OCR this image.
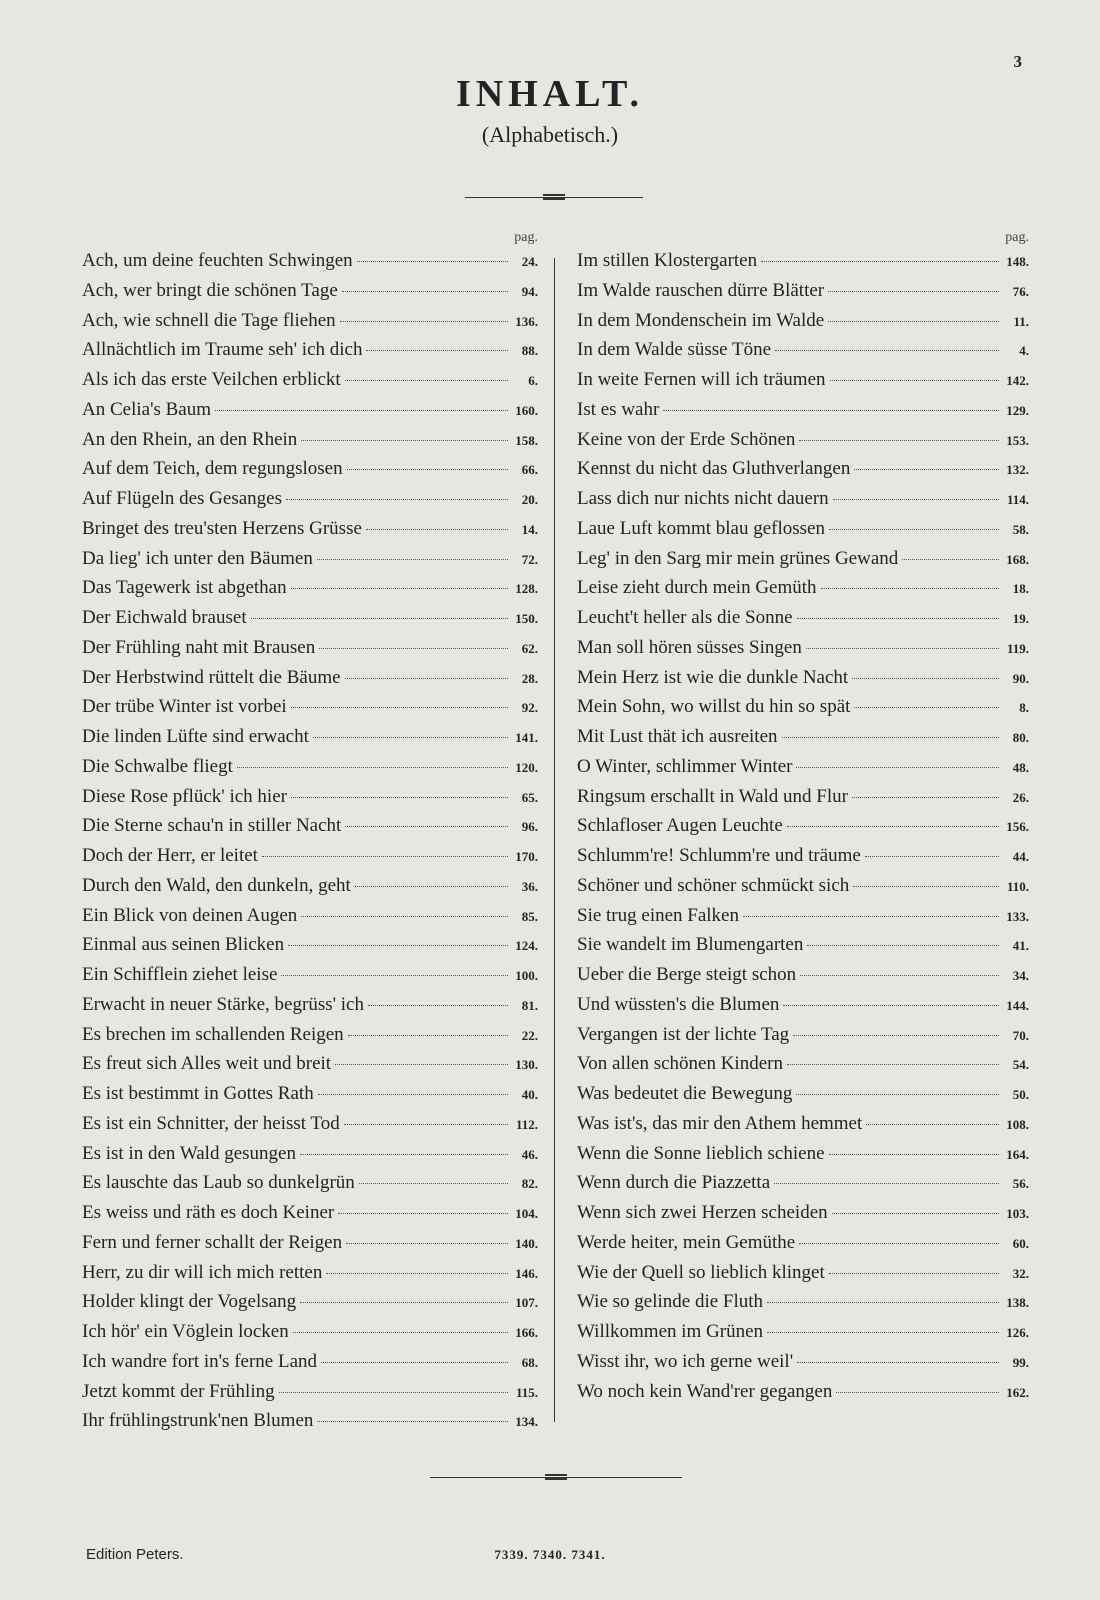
3
INHALT.
(Alphabetisch.)
pag.
Ach, um deine feuchten Schwingen	24.
Ach, wer bringt die schönen Tage	94.
Ach, wie schnell die Tage fliehen	136.
Allnächtlich im Traume seh' ich dich	88.
Als ich das erste Veilchen erblickt	6.
An Celia's Baum	160.
An den Rhein, an den Rhein	158.
Auf dem Teich, dem regungslosen	66.
Auf Flügeln des Gesanges	20.
Bringet des treu'sten Herzens Grüsse	14.
Da lieg' ich unter den Bäumen	72.
Das Tagewerk ist abgethan	128.
Der Eichwald brauset	150.
Der Frühling naht mit Brausen	62.
Der Herbstwind rüttelt die Bäume	28.
Der trübe Winter ist vorbei	92.
Die linden Lüfte sind erwacht	141.
Die Schwalbe fliegt	120.
Diese Rose pflück' ich hier	65.
Die Sterne schau'n in stiller Nacht	96.
Doch der Herr, er leitet	170.
Durch den Wald, den dunkeln, geht	36.
Ein Blick von deinen Augen	85.
Einmal aus seinen Blicken	124.
Ein Schifflein ziehet leise	100.
Erwacht in neuer Stärke, begrüss' ich	81.
Es brechen im schallenden Reigen	22.
Es freut sich Alles weit und breit	130.
Es ist bestimmt in Gottes Rath	40.
Es ist ein Schnitter, der heisst Tod	112.
Es ist in den Wald gesungen	46.
Es lauschte das Laub so dunkelgrün	82.
Es weiss und räth es doch Keiner	104.
Fern und ferner schallt der Reigen	140.
Herr, zu dir will ich mich retten	146.
Holder klingt der Vogelsang	107.
Ich hör' ein Vöglein locken	166.
Ich wandre fort in's ferne Land	68.
Jetzt kommt der Frühling	115.
Ihr frühlingstrunk'nen Blumen	134.
pag.
Im stillen Klostergarten	148.
Im Walde rauschen dürre Blätter	76.
In dem Mondenschein im Walde	11.
In dem Walde süsse Töne	4.
In weite Fernen will ich träumen	142.
Ist es wahr	129.
Keine von der Erde Schönen	153.
Kennst du nicht das Gluthverlangen	132.
Lass dich nur nichts nicht dauern	114.
Laue Luft kommt blau geflossen	58.
Leg' in den Sarg mir mein grünes Gewand	168.
Leise zieht durch mein Gemüth	18.
Leucht't heller als die Sonne	19.
Man soll hören süsses Singen	119.
Mein Herz ist wie die dunkle Nacht	90.
Mein Sohn, wo willst du hin so spät	8.
Mit Lust thät ich ausreiten	80.
O Winter, schlimmer Winter	48.
Ringsum erschallt in Wald und Flur	26.
Schlafloser Augen Leuchte	156.
Schlumm're! Schlumm're und träume	44.
Schöner und schöner schmückt sich	110.
Sie trug einen Falken	133.
Sie wandelt im Blumengarten	41.
Ueber die Berge steigt schon	34.
Und wüssten's die Blumen	144.
Vergangen ist der lichte Tag	70.
Von allen schönen Kindern	54.
Was bedeutet die Bewegung	50.
Was ist's, das mir den Athem hemmet	108.
Wenn die Sonne lieblich schiene	164.
Wenn durch die Piazzetta	56.
Wenn sich zwei Herzen scheiden	103.
Werde heiter, mein Gemüthe	60.
Wie der Quell so lieblich klinget	32.
Wie so gelinde die Fluth	138.
Willkommen im Grünen	126.
Wisst ihr, wo ich gerne weil'	99.
Wo noch kein Wand'rer gegangen	162.
Edition Peters.	7339. 7340. 7341.
